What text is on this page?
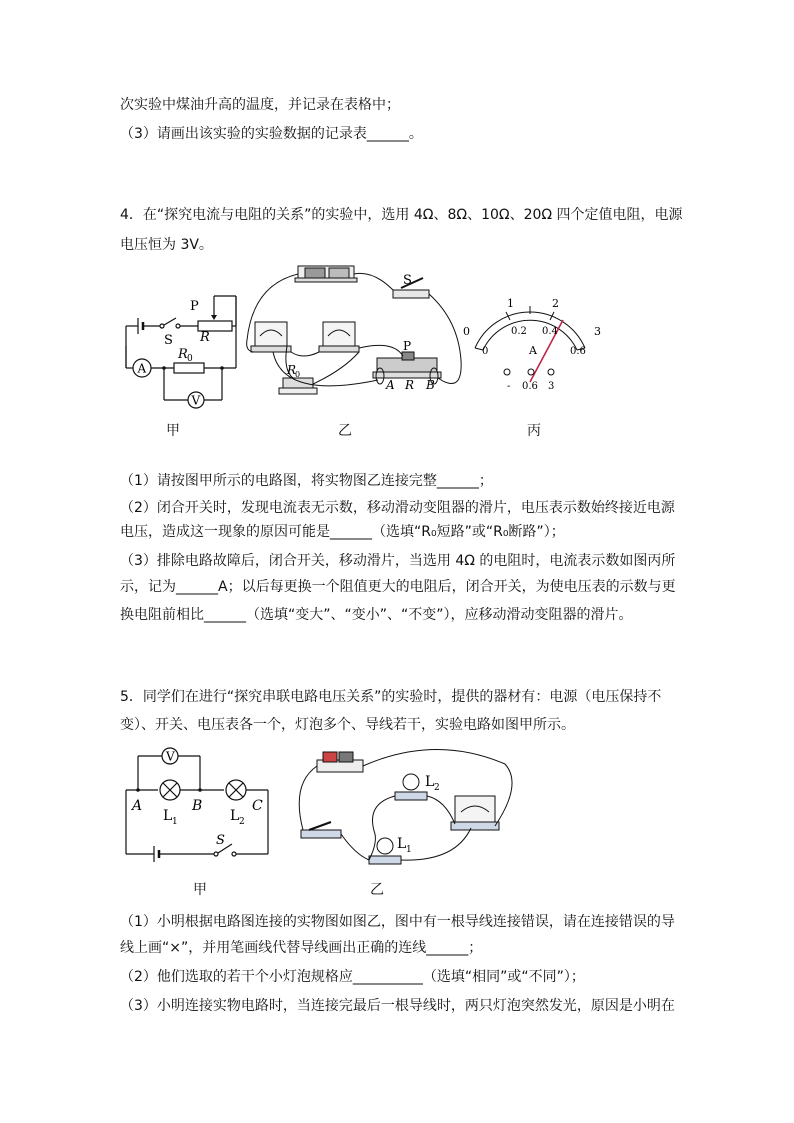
次实验中煤油升高的温度，并记录在表格中；
（3）请画出该实验的实验数据的记录表______。
4．在“探究电流与电阻的关系”的实验中，选用 4Ω、8Ω、10Ω、20Ω 四个定值电阻，电源
电压恒为 3V。
S
P
R
R 0
A
V
甲
S
P
R
0
A R B
乙
0
1	2
3
0
0.2 0.4
0.6
A
- 0.6 3
丙
（1）请按图甲所示的电路图，将实物图乙连接完整______；
（2）闭合开关时，发现电流表无示数，移动滑动变阻器的滑片，电压表示数始终接近电源
电压，造成这一现象的原因可能是______（选填“R₀短路”或“R₀断路”）；
（3）排除电路故障后，闭合开关，移动滑片，当选用 4Ω 的电阻时，电流表示数如图丙所
示，记为______A；以后每更换一个阻值更大的电阻后，闭合开关，为使电压表的示数与更
换电阻前相比______（选填“变大”、“变小”、“不变”），应移动滑动变阻器的滑片。
5．同学们在进行“探究串联电路电压关系”的实验时，提供的器材有：电源（电压保持不
变）、开关、电压表各一个，灯泡多个、导线若干，实验电路如图甲所示。
V
A	B	C
L 1	L 2
S
甲
L 2
L 1
乙
（1）小明根据电路图连接的实物图如图乙，图中有一根导线连接错误，请在连接错误的导
线上画“×”，并用笔画线代替导线画出正确的连线______；
（2）他们选取的若干个小灯泡规格应__________（选填“相同”或“不同”）；
（3）小明连接实物电路时，当连接完最后一根导线时，两只灯泡突然发光，原因是小明在
